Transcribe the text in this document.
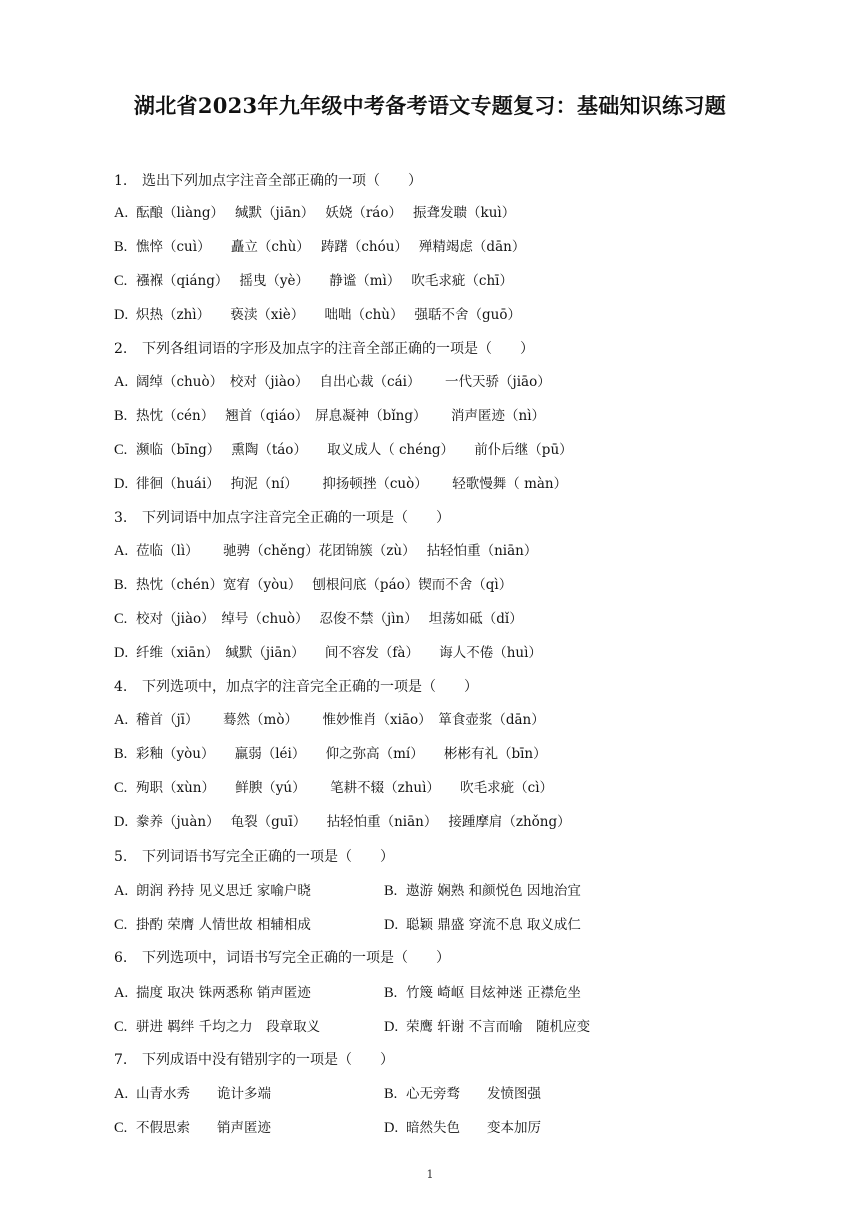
湖北省2023年九年级中考备考语文专题复习：基础知识练习题
1. 选出下列加点字注音全部正确的一项（　　）
A. 酝酿（liàng）　 缄默（jiān）　 妖娆（ráo）　 振聋发聩（kuì）
B. 憔悴（cuì）　　矗立（chù）　 踌躇（chóu）　 殚精竭虑（dān）
C. 襁褓（qiáng）　 摇曳（yè）　　静谧（mì）　 吹毛求疵（chī）
D. 炽热（zhì）　　亵渎（xiè）　　咄咄（chù）　 强聒不舍（guō）
2. 下列各组词语的字形及加点字的注音全部正确的一项是（　　）
A. 阔绰（chuò）　校对（jiào）　 自出心裁（cái）　　 一代天骄（jiāo）
B. 热忱（cén）　 翘首（qiáo）　屏息凝神（bǐng）　　 消声匿迹（nì）
C. 濒临（bīng）　 熏陶（táo）　　取义成人（ chéng）　　前仆后继（pū）
D. 徘徊（huái）　 拘泥（ní）　　 抑扬顿挫（cuò）　　 轻歌慢舞（ màn）
3. 下列词语中加点字注音完全正确的一项是（　　）
A. 莅临（lì）　　 驰骋（chěng）花团锦簇（zù）　 拈轻怕重（niān）
B. 热忱（chén）宽宥（yòu）　 刨根问底（páo）锲而不舍（qì）
C. 校对（jiào）　绰号（chuò）　 忍俊不禁（jìn）　 坦荡如砥（dǐ）
D. 纤维（xiān）　缄默（jiān）　　间不容发（fà）　　诲人不倦（huì）
4. 下列选项中，加点字的注音完全正确的一项是（　　）
A. 稽首（jī）　　 蓦然（mò）　　 惟妙惟肖（xiāo）　箪食壶浆（dān）
B. 彩釉（yòu）　　羸弱（léi）　　仰之弥高（mí）　　彬彬有礼（bīn）
C. 殉职（xùn）　　鲜腴（yú）　　 笔耕不辍（zhuì）　　吹毛求疵（cì）
D. 豢养（juàn）　 龟裂（guī）　　拈轻怕重（niān）　 接踵摩肩（zhǒng）
5. 下列词语书写完全正确的一项是（　　）
A. 朗润 矜持 见义思迁 家喻户晓	B. 遨游 娴熟 和颜悦色 因地治宜
C. 掛酌 荣膺 人情世故 相辅相成	D. 聪颖 鼎盛 穿流不息 取义成仁
6. 下列选项中，词语书写完全正确的一项是（　　）
A. 揣度 取决 铢两悉称 销声匿迹	B. 竹篾 崎岖 目炫神迷 正襟危坐
C. 骈进 羁绊 千均之力　段章取义	D. 荣鹰 轩谢 不言而喻　随机应变
7. 下列成语中没有错别字的一项是（　　）
A. 山青水秀　　诡计多端	B. 心无旁骛　　发愤图强
C. 不假思索　　销声匿迹	D. 暗然失色　　变本加厉
1
